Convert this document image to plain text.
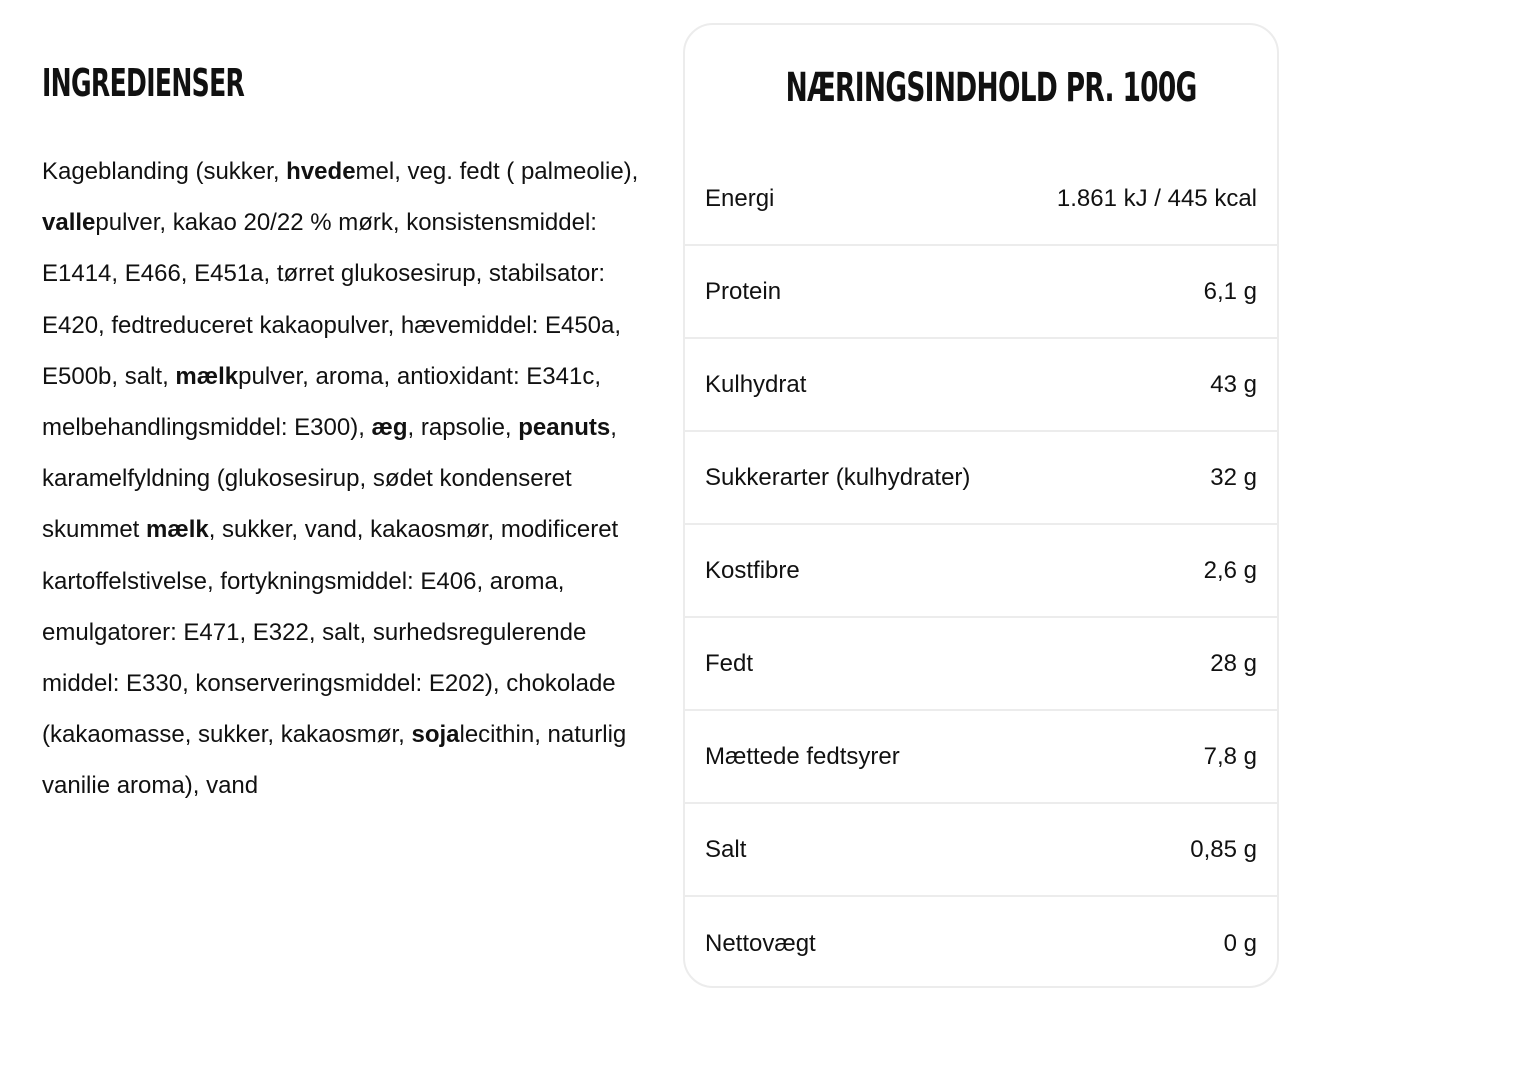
INGREDIENSER

Kageblanding (sukker, hvedemel, veg. fedt ( palmeolie), vallepulver, kakao 20/22 % mørk, konsistensmiddel: E1414, E466, E451a, tørret glukosesirup, stabilsator: E420, fedtreduceret kakaopulver, hævemiddel: E450a, E500b, salt, mælkpulver, aroma, antioxidant: E341c, melbehandlingsmiddel: E300), æg, rapsolie, peanuts, karamelfyldning (glukosesirup, sødet kondenseret skummet mælk, sukker, vand, kakaosmør, modificeret kartoffelstivelse, fortykningsmiddel: E406, aroma, emulgatorer: E471, E322, salt, surhedsregulerende middel: E330, konserveringsmiddel: E202), chokolade (kakaomasse, sukker, kakaosmør, sojalecithin, naturlig vanilie aroma), vand

NÆRINGSINDHOLD PR. 100G
Energi	1.861 kJ / 445 kcal
Protein	6,1 g
Kulhydrat	43 g
Sukkerarter (kulhydrater)	32 g
Kostfibre	2,6 g
Fedt	28 g
Mættede fedtsyrer	7,8 g
Salt	0,85 g
Nettovægt	0 g
